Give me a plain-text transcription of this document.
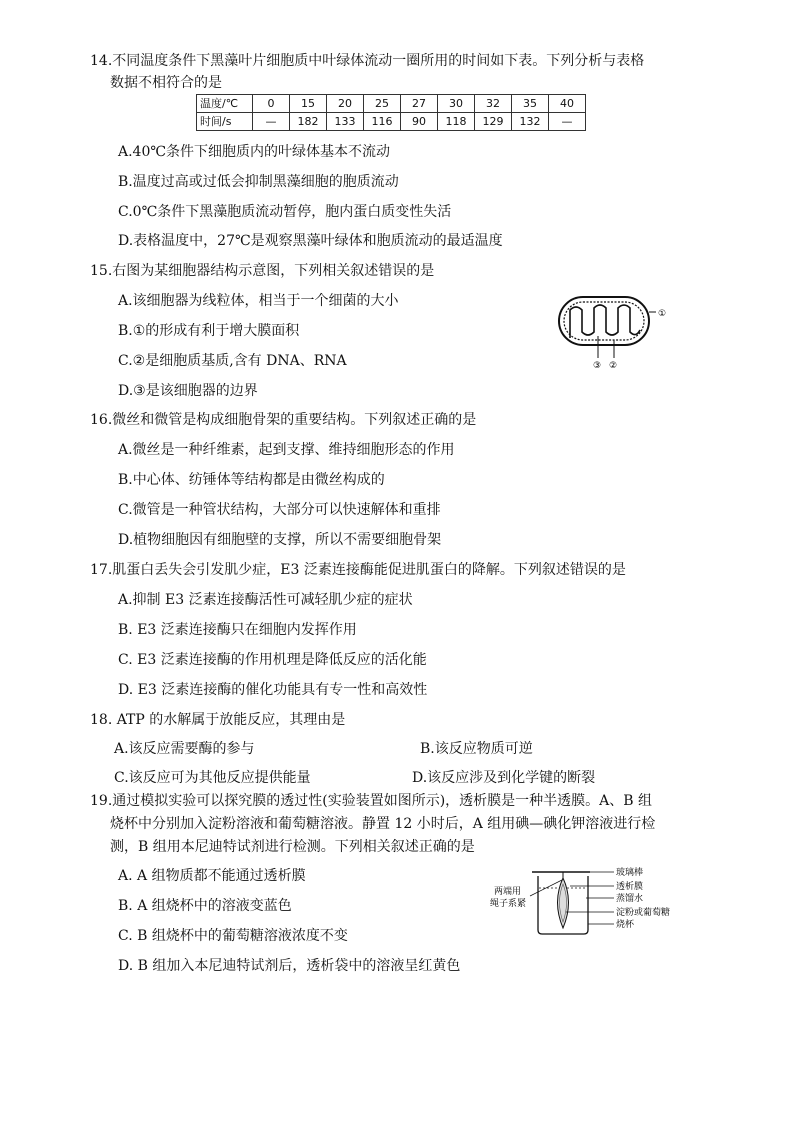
14.不同温度条件下黑藻叶片细胞质中叶绿体流动一圈所用的时间如下表。下列分析与表格
数据不相符合的是
温度/℃	0	15	20	25	27	30	32	35	40
时间/s	—	182	133	116	90	118	129	132	—
A.40℃条件下细胞质内的叶绿体基本不流动
B.温度过高或过低会抑制黑藻细胞的胞质流动
C.0℃条件下黑藻胞质流动暂停，胞内蛋白质变性失活
D.表格温度中，27℃是观察黑藻叶绿体和胞质流动的最适温度
15.右图为某细胞器结构示意图，下列相关叙述错误的是
A.该细胞器为线粒体，相当于一个细菌的大小
B.①的形成有利于增大膜面积
C.②是细胞质基质,含有 DNA、RNA
D.③是该细胞器的边界
①
③ ②
16.微丝和微管是构成细胞骨架的重要结构。下列叙述正确的是
A.微丝是一种纤维素，起到支撑、维持细胞形态的作用
B.中心体、纺锤体等结构都是由微丝构成的
C.微管是一种管状结构，大部分可以快速解体和重排
D.植物细胞因有细胞壁的支撑，所以不需要细胞骨架
17.肌蛋白丢失会引发肌少症，E3 泛素连接酶能促进肌蛋白的降解。下列叙述错误的是
A.抑制 E3 泛素连接酶活性可减轻肌少症的症状
B. E3 泛素连接酶只在细胞内发挥作用
C. E3 泛素连接酶的作用机理是降低反应的活化能
D. E3 泛素连接酶的催化功能具有专一性和高效性
18. ATP 的水解属于放能反应，其理由是
A.该反应需要酶的参与	B.该反应物质可逆
C.该反应可为其他反应提供能量	D.该反应涉及到化学键的断裂
19.通过模拟实验可以探究膜的透过性(实验装置如图所示)，透析膜是一种半透膜。A、B 组
烧杯中分别加入淀粉溶液和葡萄糖溶液。静置 12 小时后，A 组用碘—碘化钾溶液进行检
测，B 组用本尼迪特试剂进行检测。下列相关叙述正确的是
A. A 组物质都不能通过透析膜
B. A 组烧杯中的溶液变蓝色
C. B 组烧杯中的葡萄糖溶液浓度不变
D. B 组加入本尼迪特试剂后，透析袋中的溶液呈红黄色
玻璃棒
透析膜
蒸馏水
淀粉或葡萄糖
烧杯
两端用
绳子系紧
